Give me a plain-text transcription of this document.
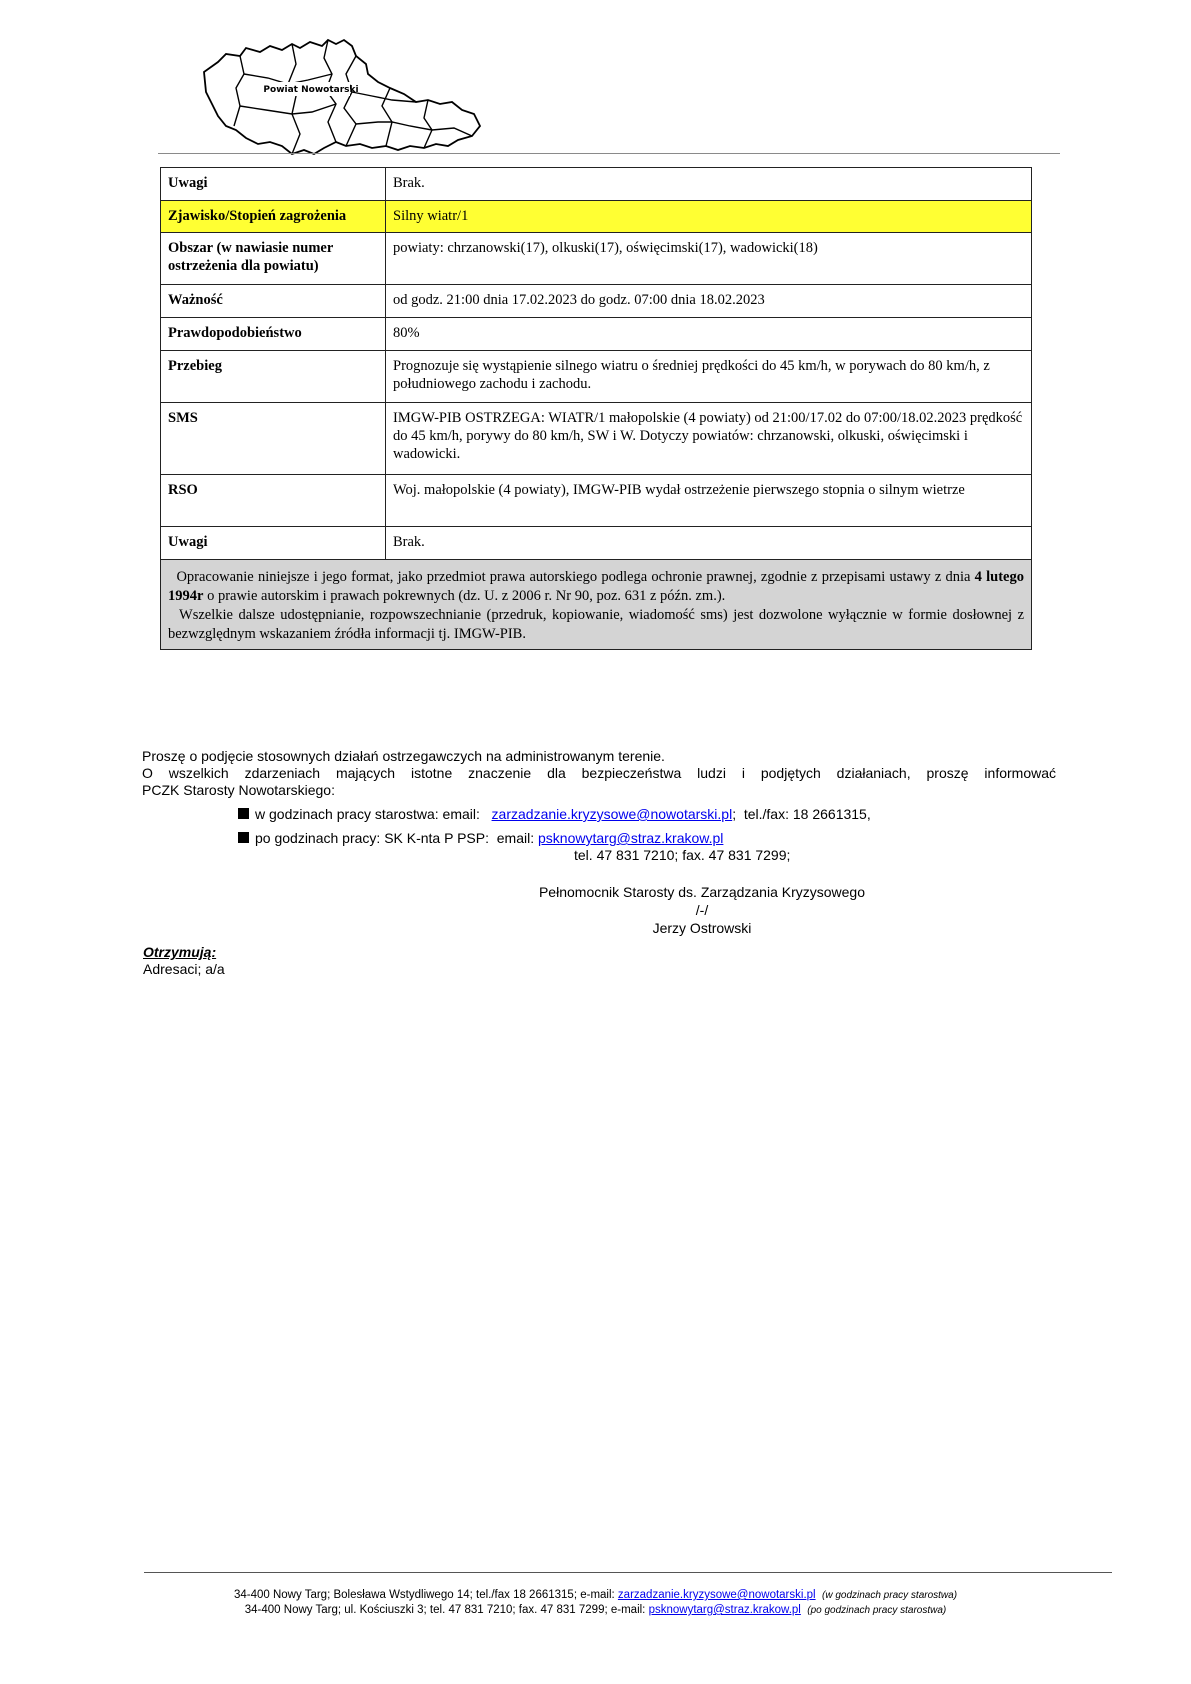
Powiat Nowotarski
Uwagi	Brak.
Zjawisko/Stopień zagrożenia	Silny wiatr/1
Obszar (w nawiasie numer ostrzeżenia dla powiatu)	powiaty: chrzanowski(17), olkuski(17), oświęcimski(17), wadowicki(18)
Ważność	od godz. 21:00 dnia 17.02.2023 do godz. 07:00 dnia 18.02.2023
Prawdopodobieństwo	80%
Przebieg	Prognozuje się wystąpienie silnego wiatru o średniej prędkości do 45 km/h, w porywach do 80 km/h, z południowego zachodu i zachodu.
SMS	IMGW-PIB OSTRZEGA: WIATR/1 małopolskie (4 powiaty) od 21:00/17.02 do 07:00/18.02.2023 prędkość do 45 km/h, porywy do 80 km/h, SW i W. Dotyczy powiatów: chrzanowski, olkuski, oświęcimski i wadowicki.
RSO	Woj. małopolskie (4 powiaty), IMGW-PIB wydał ostrzeżenie pierwszego stopnia o silnym wietrze
Uwagi	Brak.
Opracowanie niniejsze i jego format, jako przedmiot prawa autorskiego podlega ochronie prawnej, zgodnie z przepisami ustawy z dnia 4 lutego 1994r o prawie autorskim i prawach pokrewnych (dz. U. z 2006 r. Nr 90, poz. 631 z późn. zm.).
Wszelkie dalsze udostępnianie, rozpowszechnianie (przedruk, kopiowanie, wiadomość sms) jest dozwolone wyłącznie w formie dosłownej z bezwzględnym wskazaniem źródła informacji tj. IMGW-PIB.	

Proszę o podjęcie stosownych działań ostrzegawczych na administrowanym terenie.

O wszelkich zdarzeniach mających istotne znaczenie dla bezpieczeństwa ludzi i podjętych działaniach, proszę informować

PCZK Starosty Nowotarskiego:

w godzinach pracy starostwa: email:   zarzadzanie.kryzysowe@nowotarski.pl;  tel./fax: 18 2661315,
po godzinach pracy: SK K-nta P PSP:  email: psknowytarg@straz.krakow.pl
tel. 47 831 7210; fax. 47 831 7299;
Pełnomocnik Starosty ds. Zarządzania Kryzysowego
/-/
Jerzy Ostrowski
Otrzymują:
Adresaci; a/a
34-400 Nowy Targ; Bolesława Wstydliwego 14; tel./fax 18 2661315; e-mail: zarzadzanie.kryzysowe@nowotarski.pl (w godzinach pracy starostwa)
34-400 Nowy Targ; ul. Kościuszki 3; tel. 47 831 7210; fax. 47 831 7299; e-mail: psknowytarg@straz.krakow.pl (po godzinach pracy starostwa)
